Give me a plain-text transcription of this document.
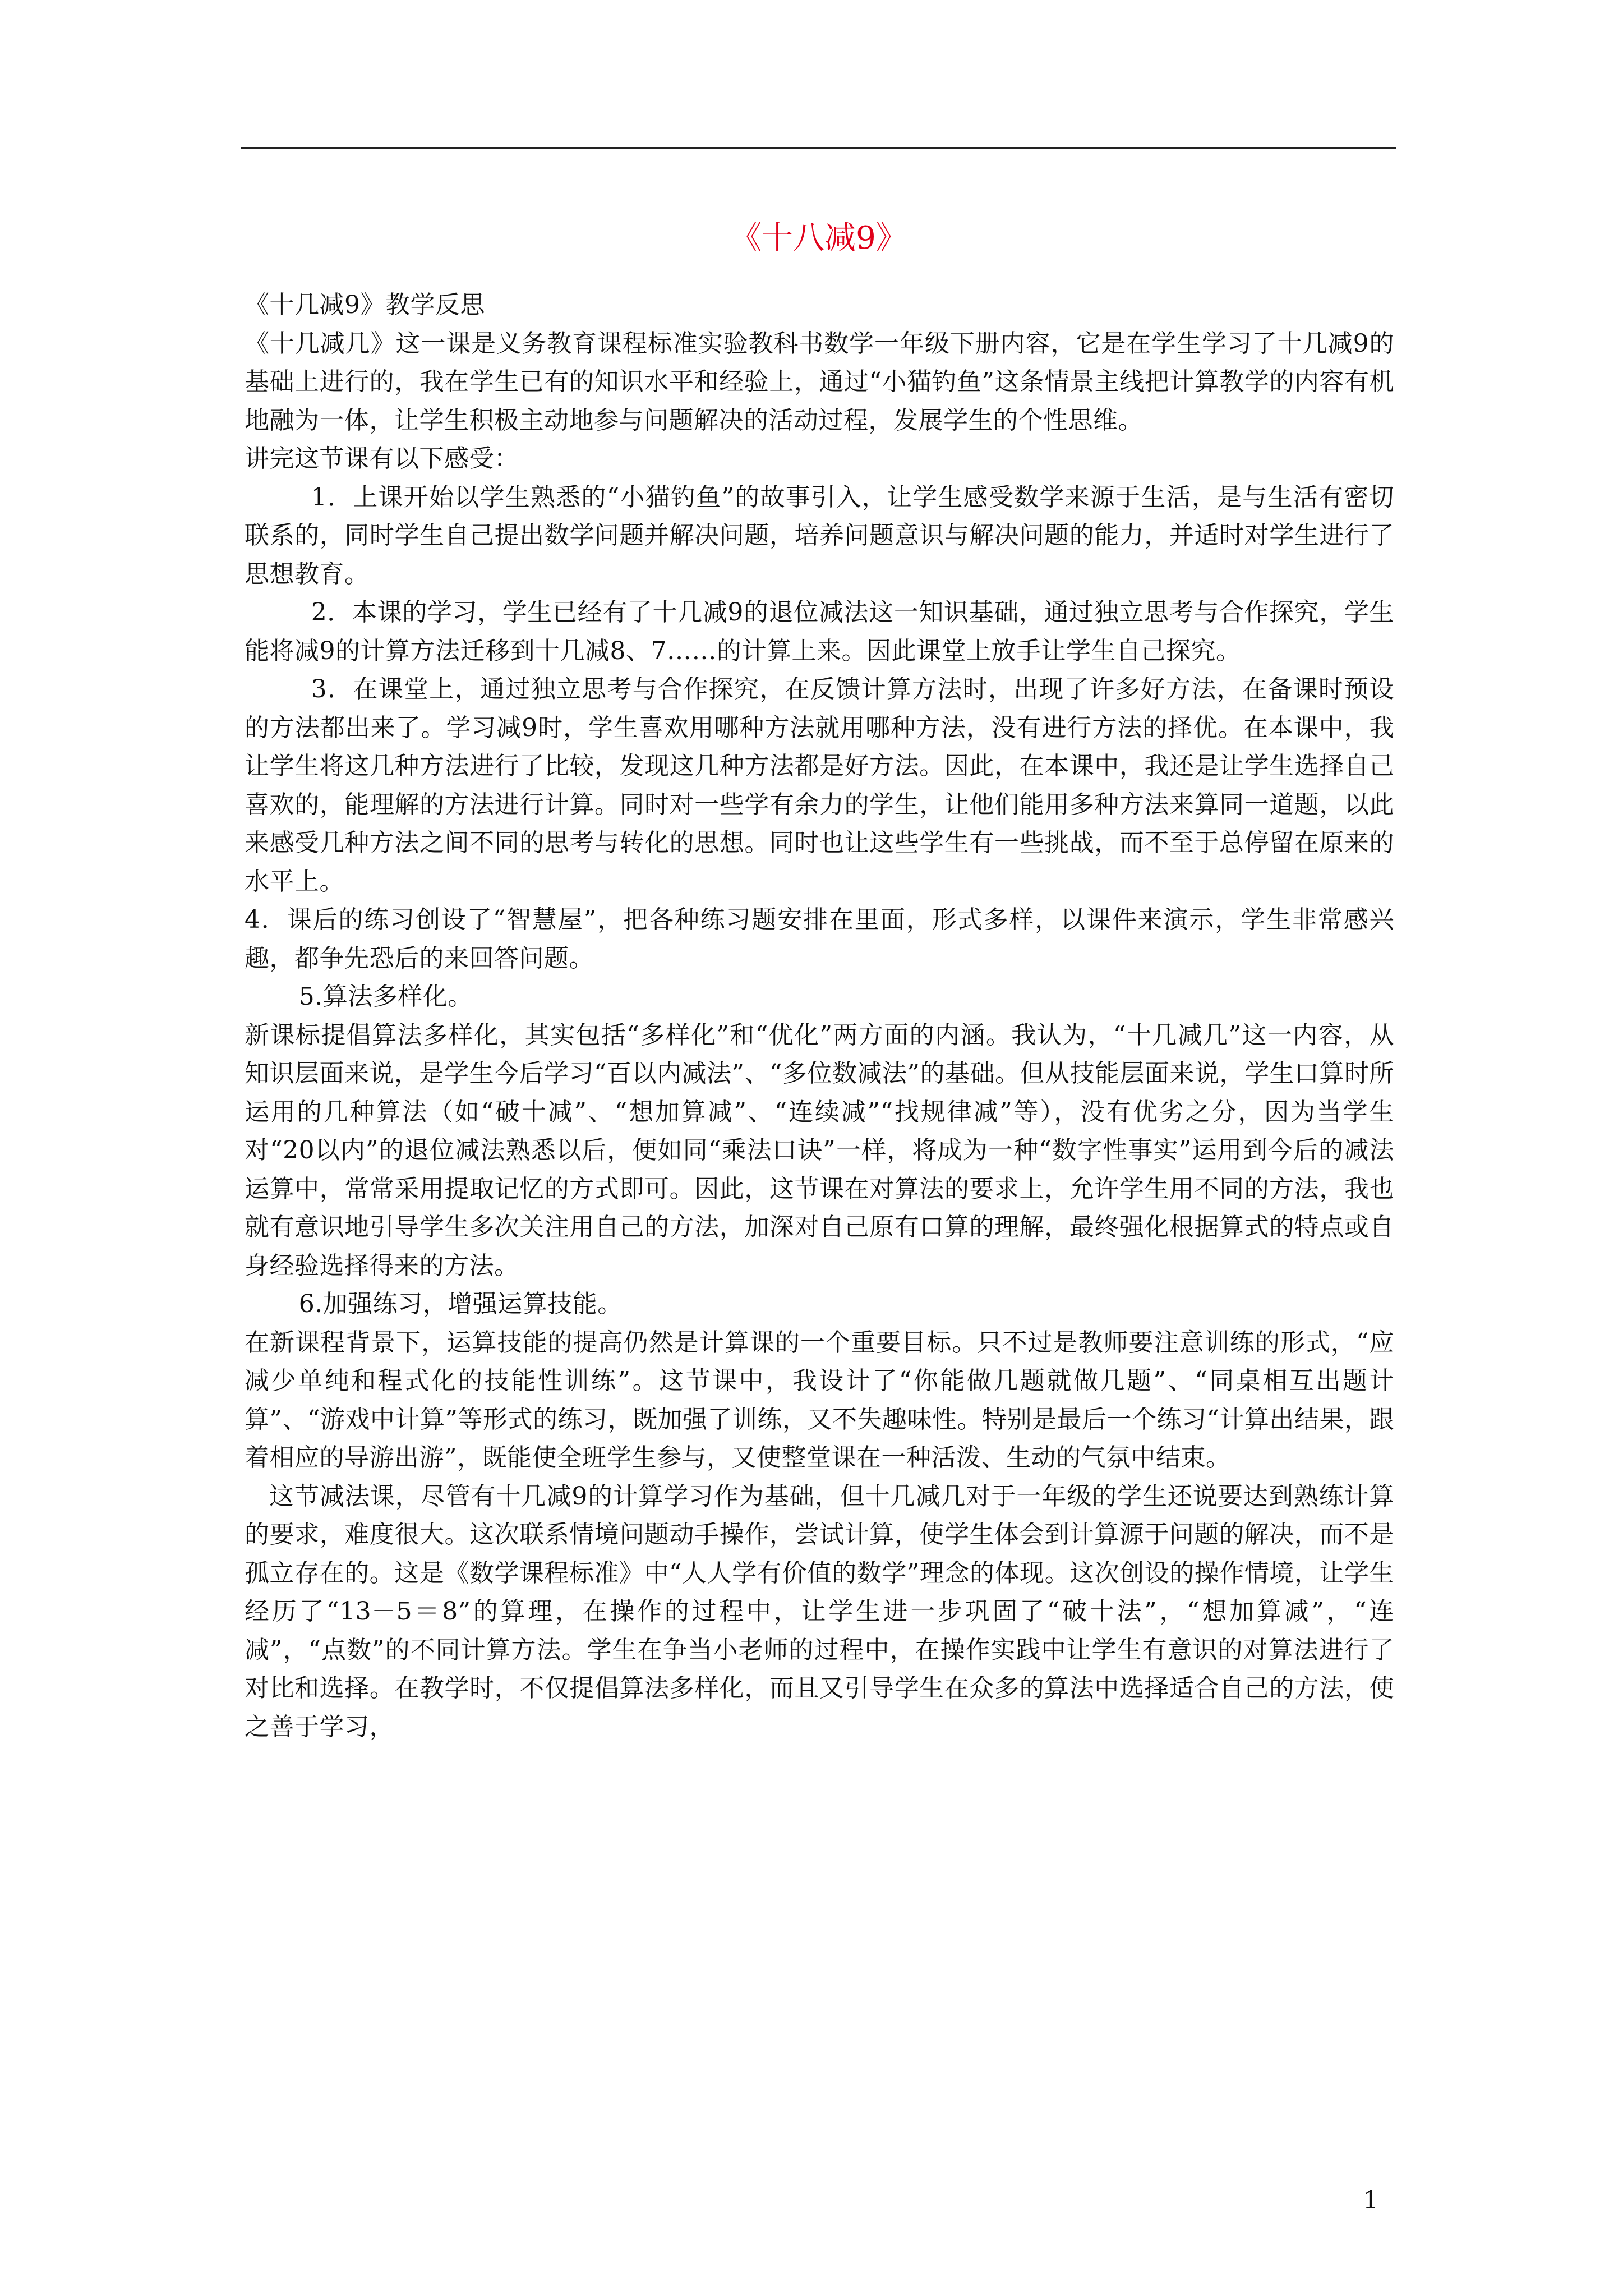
《十八减9》

《十几减9》教学反思

《十几减几》这一课是义务教育课程标准实验教科书数学一年级下册内容，它是在学生学习了十几减9的基础上进行的，我在学生已有的知识水平和经验上，通过“小猫钓鱼”这条情景主线把计算教学的内容有机地融为一体，让学生积极主动地参与问题解决的活动过程，发展学生的个性思维。

讲完这节课有以下感受：

1．上课开始以学生熟悉的“小猫钓鱼”的故事引入，让学生感受数学来源于生活，是与生活有密切联系的，同时学生自己提出数学问题并解决问题，培养问题意识与解决问题的能力，并适时对学生进行了思想教育。

2．本课的学习，学生已经有了十几减9的退位减法这一知识基础，通过独立思考与合作探究，学生能将减9的计算方法迁移到十几减8、7……的计算上来。因此课堂上放手让学生自己探究。

3．在课堂上，通过独立思考与合作探究，在反馈计算方法时，出现了许多好方法，在备课时预设的方法都出来了。学习减9时，学生喜欢用哪种方法就用哪种方法，没有进行方法的择优。在本课中，我让学生将这几种方法进行了比较，发现这几种方法都是好方法。因此，在本课中，我还是让学生选择自己喜欢的，能理解的方法进行计算。同时对一些学有余力的学生，让他们能用多种方法来算同一道题，以此来感受几种方法之间不同的思考与转化的思想。同时也让这些学生有一些挑战，而不至于总停留在原来的水平上。

4．课后的练习创设了“智慧屋”，把各种练习题安排在里面，形式多样，以课件来演示，学生非常感兴趣，都争先恐后的来回答问题。

5.算法多样化。

新课标提倡算法多样化，其实包括“多样化”和“优化”两方面的内涵。我认为，“十几减几”这一内容，从知识层面来说，是学生今后学习“百以内减法”、“多位数减法”的基础。但从技能层面来说，学生口算时所运用的几种算法（如“破十减”、“想加算减”、“连续减”“找规律减”等），没有优劣之分，因为当学生对“20以内”的退位减法熟悉以后，便如同“乘法口诀”一样，将成为一种“数字性事实”运用到今后的减法运算中，常常采用提取记忆的方式即可。因此，这节课在对算法的要求上，允许学生用不同的方法，我也就有意识地引导学生多次关注用自己的方法，加深对自己原有口算的理解，最终强化根据算式的特点或自身经验选择得来的方法。

6.加强练习，增强运算技能。

在新课程背景下，运算技能的提高仍然是计算课的一个重要目标。只不过是教师要注意训练的形式，“应减少单纯和程式化的技能性训练”。这节课中，我设计了“你能做几题就做几题”、“同桌相互出题计算”、“游戏中计算”等形式的练习，既加强了训练，又不失趣味性。特别是最后一个练习“计算出结果，跟着相应的导游出游”，既能使全班学生参与，又使整堂课在一种活泼、生动的气氛中结束。

这节减法课，尽管有十几减9的计算学习作为基础，但十几减几对于一年级的学生还说要达到熟练计算的要求，难度很大。这次联系情境问题动手操作，尝试计算，使学生体会到计算源于问题的解决，而不是孤立存在的。这是《数学课程标准》中“人人学有价值的数学”理念的体现。这次创设的操作情境，让学生经历了“13－5＝8”的算理，在操作的过程中，让学生进一步巩固了“破十法”，“想加算减”，“连减”，“点数”的不同计算方法。学生在争当小老师的过程中，在操作实践中让学生有意识的对算法进行了对比和选择。在教学时，不仅提倡算法多样化，而且又引导学生在众多的算法中选择适合自己的方法，使之善于学习，

1
